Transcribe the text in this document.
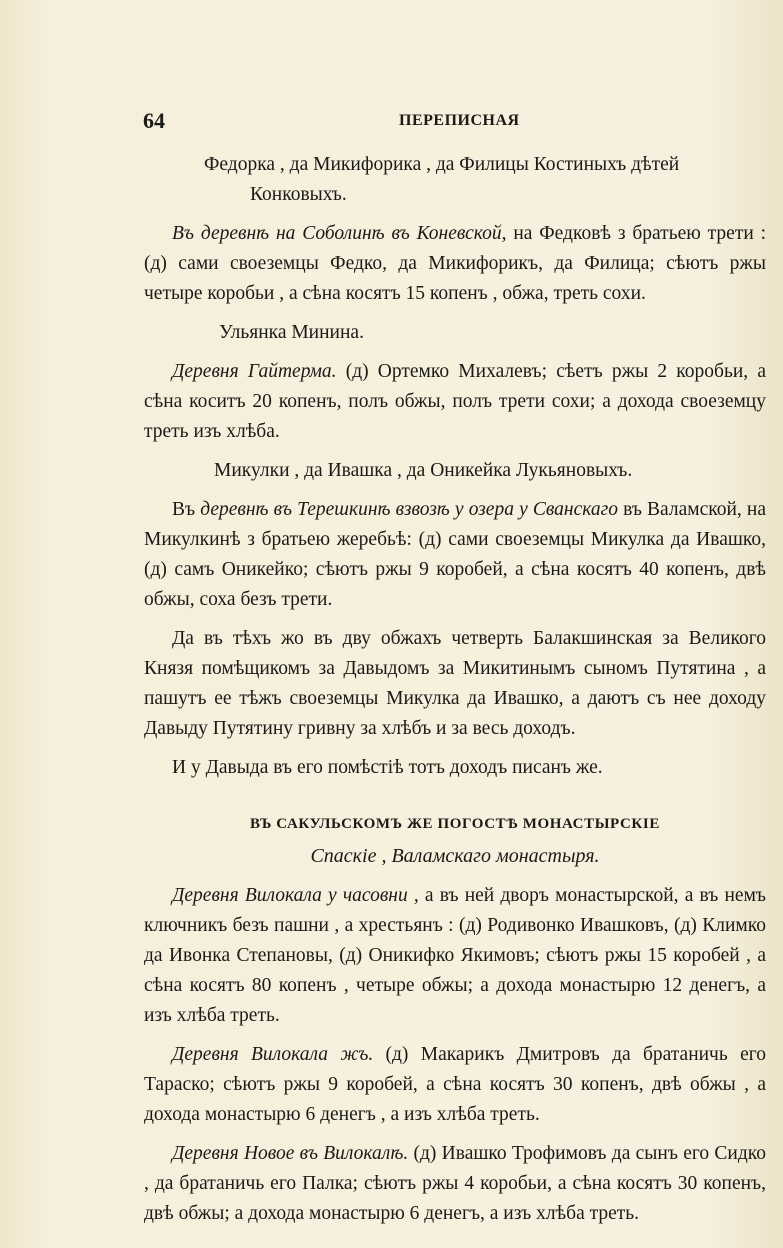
64	ПЕРЕПИСНАЯ

Федорка , да Микифорика , да Филицы Костиныхъ дѣтей
Конковыхъ.

Въ деревнѣ на Соболинѣ въ Коневской, на Федковѣ з братьею трети : (д) сами своеземцы Федко, да Микифорикъ, да Филица; сѣютъ ржы четыре коробьи , а сѣна косятъ 15 копенъ , обжа, треть сохи.

Ульянка Минина.

Деревня Гайтерма. (д) Ортемко Михалевъ; сѣетъ ржы 2 коробьи, а сѣна коситъ 20 копенъ, полъ обжы, полъ трети сохи; а дохода своеземцу треть изъ хлѣба.

Микулки , да Ивашка , да Оникейка Лукьяновыхъ.

Въ деревнѣ въ Терешкинѣ взвозѣ у озера у Сванскаго въ Валамской, на Микулкинѣ з братьею жеребьѣ: (д) сами своеземцы Микулка да Ивашко, (д) самъ Оникейко; сѣютъ ржы 9 коробей, а сѣна косятъ 40 копенъ, двѣ обжы, соха безъ трети.

Да въ тѣхъ жо въ дву обжахъ четверть Балакшинская за Великого Князя помѣщикомъ за Давыдомъ за Микитинымъ сыномъ Путятина , а пашутъ ее тѣжъ своеземцы Микулка да Ивашко, а даютъ съ нее доходу Давыду Путятину гривну за хлѣбъ и за весь доходъ.

И у Давыда въ его помѣстіѣ тотъ доходъ писанъ же.

ВЪ САКУЛЬСКОМЪ ЖЕ ПОГОСТѢ МОНАСТЫРСКІЕ
Спаскіе , Валамскаго монастыря.

Деревня Вилокала у часовни , а въ ней дворъ монастырской, а въ немъ ключникъ безъ пашни , а хрестьянъ : (д) Родивонко Ивашковъ, (д) Климко да Ивонка Степановы, (д) Оникифко Якимовъ; сѣютъ ржы 15 коробей , а сѣна косятъ 80 копенъ , четыре обжы; а дохода монастырю 12 денегъ, а изъ хлѣба треть.

Деревня Вилокала жъ. (д) Макарикъ Дмитровъ да братаничь его Тараско; сѣютъ ржы 9 коробей, а сѣна косятъ 30 копенъ, двѣ обжы , а дохода монастырю 6 денегъ , а изъ хлѣба треть.

Деревня Новое въ Вилокалѣ. (д) Ивашко Трофимовъ да сынъ его Сидко , да братаничь его Палка; сѣютъ ржы 4 коробьи, а сѣна косятъ 30 копенъ, двѣ обжы; а дохода монастырю 6 денегъ, а изъ хлѣба треть.
